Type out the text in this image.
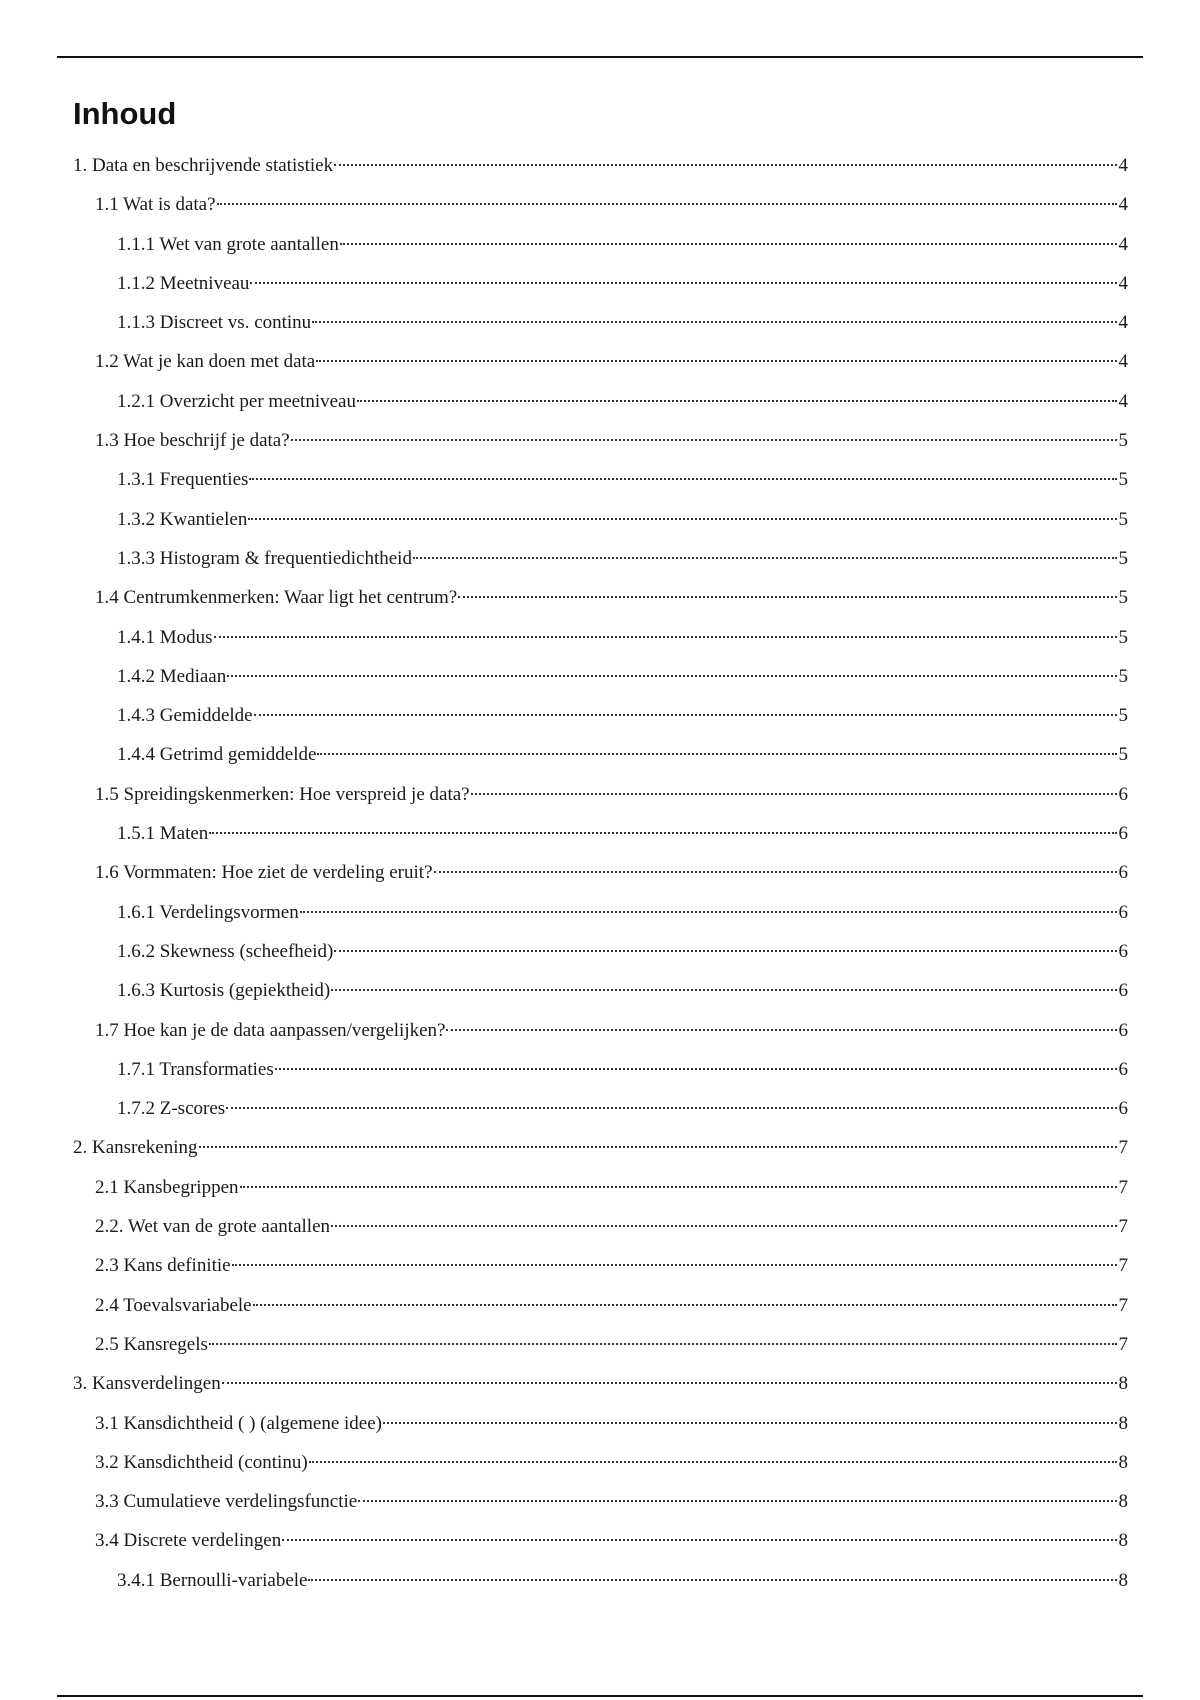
Inhoud
1. Data en beschrijvende statistiek	4
1.1 Wat is data?	4
1.1.1 Wet van grote aantallen	4
1.1.2 Meetniveau	4
1.1.3 Discreet vs. continu	4
1.2 Wat je kan doen met data	4
1.2.1 Overzicht per meetniveau	4
1.3 Hoe beschrijf je data?	5
1.3.1 Frequenties	5
1.3.2 Kwantielen	5
1.3.3 Histogram & frequentiedichtheid	5
1.4 Centrumkenmerken: Waar ligt het centrum?	5
1.4.1 Modus	5
1.4.2 Mediaan	5
1.4.3 Gemiddelde	5
1.4.4 Getrimd gemiddelde	5
1.5 Spreidingskenmerken: Hoe verspreid je data?	6
1.5.1 Maten	6
1.6 Vormmaten: Hoe ziet de verdeling eruit?	6
1.6.1 Verdelingsvormen	6
1.6.2 Skewness (scheefheid)	6
1.6.3 Kurtosis (gepiektheid)	6
1.7 Hoe kan je de data aanpassen/vergelijken?	6
1.7.1 Transformaties	6
1.7.2 Z-scores	6
2. Kansrekening	7
2.1 Kansbegrippen	7
2.2. Wet van de grote aantallen	7
2.3 Kans definitie	7
2.4 Toevalsvariabele	7
2.5 Kansregels	7
3. Kansverdelingen	8
3.1 Kansdichtheid ( ) (algemene idee)	8
3.2 Kansdichtheid (continu)	8
3.3 Cumulatieve verdelingsfunctie	8
3.4 Discrete verdelingen	8
3.4.1 Bernoulli-variabele	8
